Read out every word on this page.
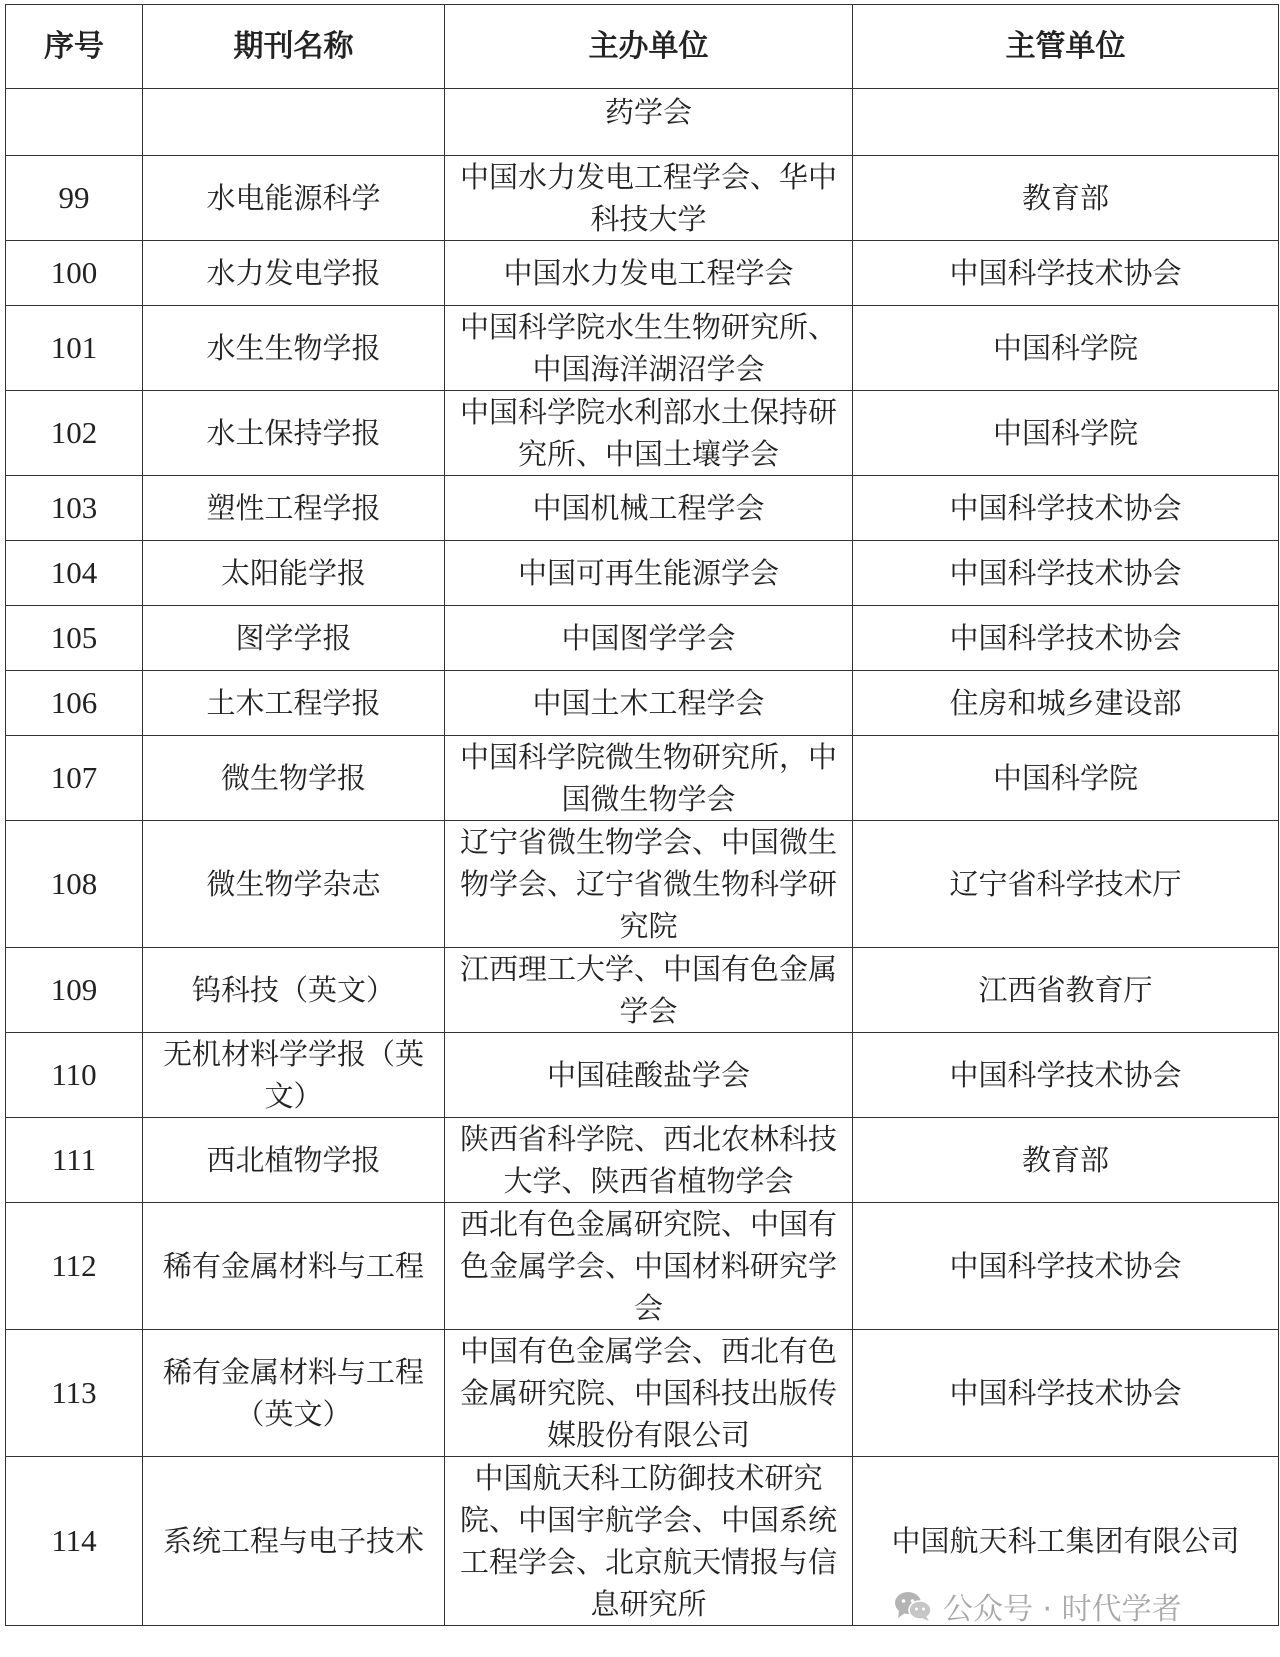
序号	期刊名称	主办单位	主管单位
		药学会	
99	水电能源科学	中国水力发电工程学会、华中科技大学	教育部
100	水力发电学报	中国水力发电工程学会	中国科学技术协会
101	水生生物学报	中国科学院水生生物研究所、中国海洋湖沼学会	中国科学院
102	水土保持学报	中国科学院水利部水土保持研究所、中国土壤学会	中国科学院
103	塑性工程学报	中国机械工程学会	中国科学技术协会
104	太阳能学报	中国可再生能源学会	中国科学技术协会
105	图学学报	中国图学学会	中国科学技术协会
106	土木工程学报	中国土木工程学会	住房和城乡建设部
107	微生物学报	中国科学院微生物研究所，中国微生物学会	中国科学院
108	微生物学杂志	辽宁省微生物学会、中国微生物学会、辽宁省微生物科学研究院	辽宁省科学技术厅
109	钨科技（英文）	江西理工大学、中国有色金属学会	江西省教育厅
110	无机材料学学报（英文）	中国硅酸盐学会	中国科学技术协会
111	西北植物学报	陕西省科学院、西北农林科技大学、陕西省植物学会	教育部
112	稀有金属材料与工程	西北有色金属研究院、中国有色金属学会、中国材料研究学会	中国科学技术协会
113	稀有金属材料与工程（英文）	中国有色金属学会、西北有色金属研究院、中国科技出版传媒股份有限公司	中国科学技术协会
114	系统工程与电子技术	中国航天科工防御技术研究院、中国宇航学会、中国系统工程学会、北京航天情报与信息研究所	中国航天科工集团有限公司
公众号 · 时代学者
